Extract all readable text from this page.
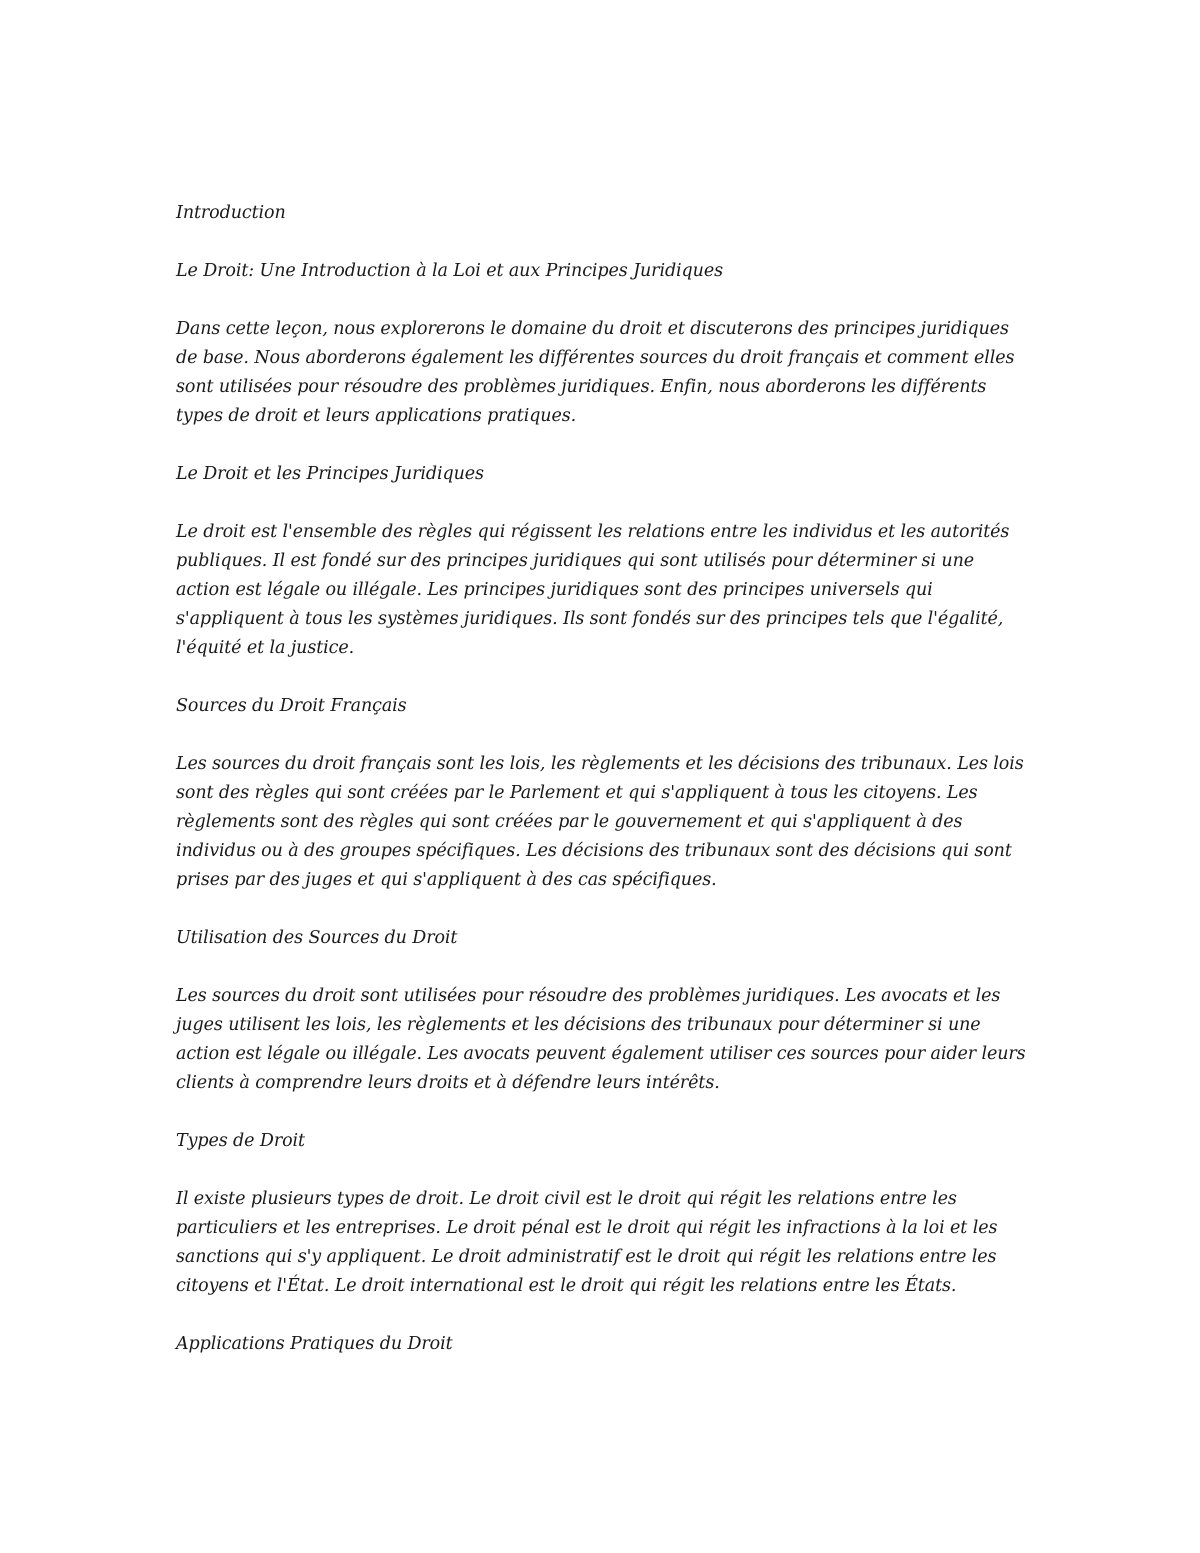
Introduction

Le Droit: Une Introduction à la Loi et aux Principes Juridiques

Dans cette leçon, nous explorerons le domaine du droit et discuterons des principes juridiques de base. Nous aborderons également les différentes sources du droit français et comment elles sont utilisées pour résoudre des problèmes juridiques. Enfin, nous aborderons les différents types de droit et leurs applications pratiques.

Le Droit et les Principes Juridiques

Le droit est l'ensemble des règles qui régissent les relations entre les individus et les autorités publiques. Il est fondé sur des principes juridiques qui sont utilisés pour déterminer si une action est légale ou illégale. Les principes juridiques sont des principes universels qui s'appliquent à tous les systèmes juridiques. Ils sont fondés sur des principes tels que l'égalité, l'équité et la justice.

Sources du Droit Français

Les sources du droit français sont les lois, les règlements et les décisions des tribunaux. Les lois sont des règles qui sont créées par le Parlement et qui s'appliquent à tous les citoyens. Les règlements sont des règles qui sont créées par le gouvernement et qui s'appliquent à des individus ou à des groupes spécifiques. Les décisions des tribunaux sont des décisions qui sont prises par des juges et qui s'appliquent à des cas spécifiques.

Utilisation des Sources du Droit

Les sources du droit sont utilisées pour résoudre des problèmes juridiques. Les avocats et les juges utilisent les lois, les règlements et les décisions des tribunaux pour déterminer si une action est légale ou illégale. Les avocats peuvent également utiliser ces sources pour aider leurs clients à comprendre leurs droits et à défendre leurs intérêts.

Types de Droit

Il existe plusieurs types de droit. Le droit civil est le droit qui régit les relations entre les particuliers et les entreprises. Le droit pénal est le droit qui régit les infractions à la loi et les sanctions qui s'y appliquent. Le droit administratif est le droit qui régit les relations entre les citoyens et l'État. Le droit international est le droit qui régit les relations entre les États.

Applications Pratiques du Droit
